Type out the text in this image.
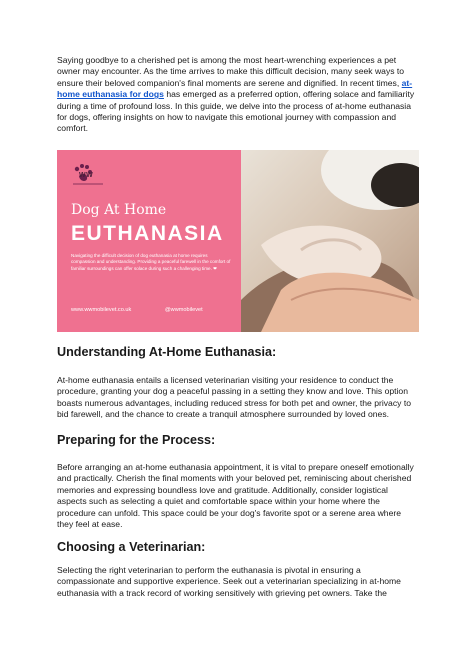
Saying goodbye to a cherished pet is among the most heart-wrenching experiences a pet owner may encounter. As the time arrives to make this difficult decision, many seek ways to ensure their beloved companion's final moments are serene and dignified. In recent times, at-home euthanasia for dogs has emerged as a preferred option, offering solace and familiarity during a time of profound loss. In this guide, we delve into the process of at-home euthanasia for dogs, offering insights on how to navigate this emotional journey with compassion and comfort.

WW
Dog At Home
EUTHANASIA
Navigating the difficult decision of dog euthanasia at home requires compassion and understanding. Providing a peaceful farewell in the comfort of familiar surroundings can offer solace during such a challenging time. ❤
www.wwmobilevet.co.uk	@wwmobilevet
Understanding At-Home Euthanasia:

At-home euthanasia entails a licensed veterinarian visiting your residence to conduct the procedure, granting your dog a peaceful passing in a setting they know and love. This option boasts numerous advantages, including reduced stress for both pet and owner, the privacy to bid farewell, and the chance to create a tranquil atmosphere surrounded by loved ones.

Preparing for the Process:

Before arranging an at-home euthanasia appointment, it is vital to prepare oneself emotionally and practically. Cherish the final moments with your beloved pet, reminiscing about cherished memories and expressing boundless love and gratitude. Additionally, consider logistical aspects such as selecting a quiet and comfortable space within your home where the procedure can unfold. This space could be your dog's favorite spot or a serene area where they feel at ease.

Choosing a Veterinarian:

Selecting the right veterinarian to perform the euthanasia is pivotal in ensuring a compassionate and supportive experience. Seek out a veterinarian specializing in at-home euthanasia with a track record of working sensitively with grieving pet owners. Take the
